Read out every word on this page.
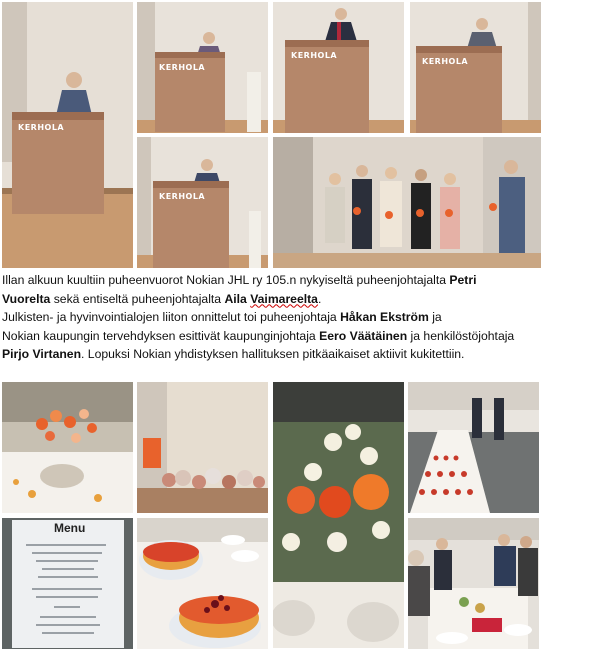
KERHOLA
KERHOLA
KERHOLA
KERHOLA
KERHOLA
Illan alkuun kuultiin puheenvuorot Nokian JHL ry 105.n nykyiseltä puheenjohtajalta Petri
Vuorelta sekä entiseltä puheenjohtajalta Aila Vaimareelta.
Julkisten- ja hyvinvointialojen liiton onnittelut toi puheenjohtaja Håkan Ekström ja
Nokian kaupungin tervehdyksen esittivät kaupunginjohtaja Eero Väätäinen ja henkilöstöjohtaja
Pirjo Virtanen. Lopuksi Nokian yhdistyksen hallituksen pitkäaikaiset aktiivit kukitettiin.
Menu
